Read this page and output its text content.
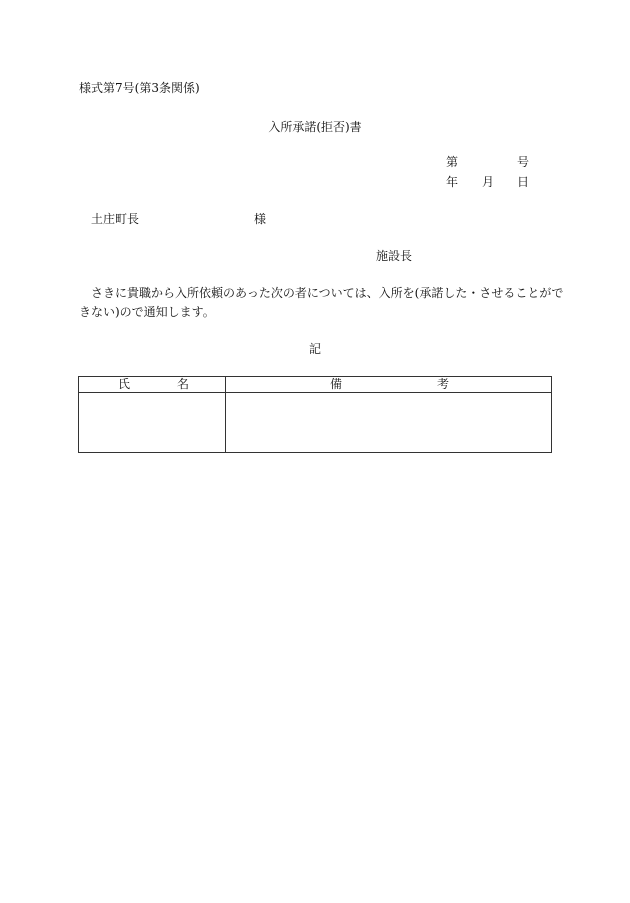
様式第7号(第3条関係)
入所承諾(拒否)書
第	号
年 月 日
土庄町長	様
施設長
さきに貴職から入所依頼のあった次の者については、入所を(承諾した・させることがで
きない)ので通知します。
記
氏 名	備 考
